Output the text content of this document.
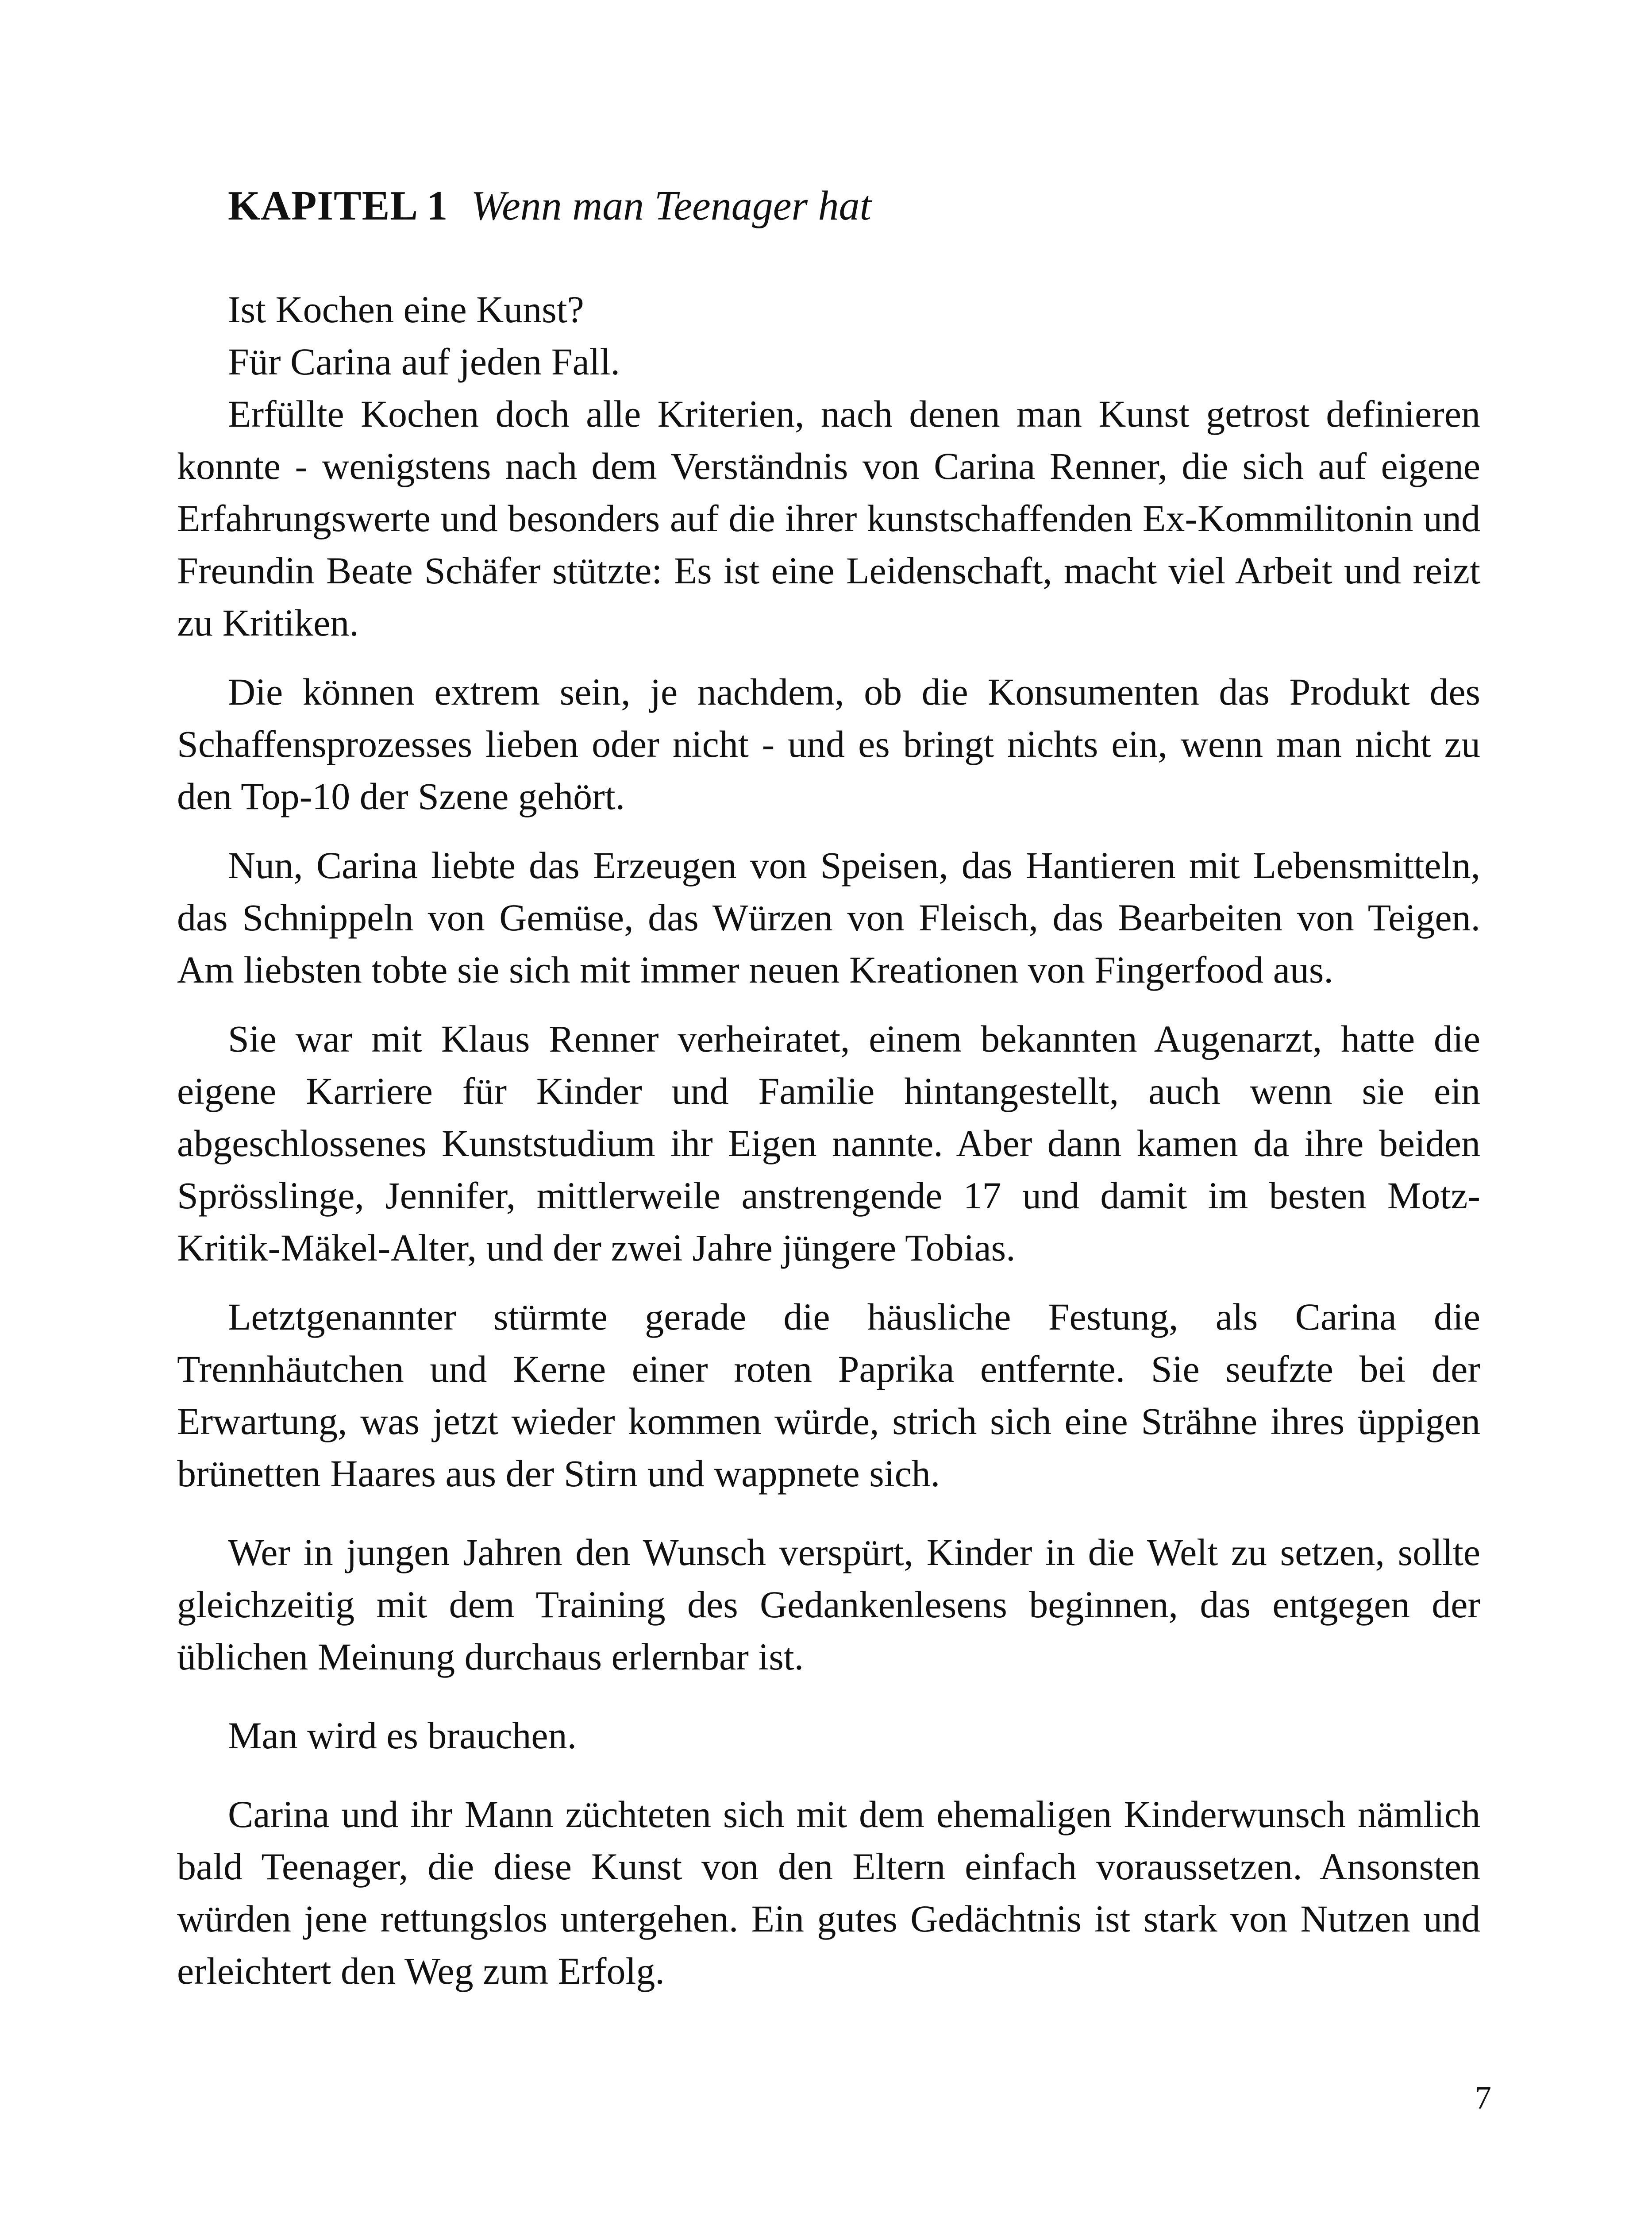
KAPITEL 1 Wenn man Teenager hat

Ist Kochen eine Kunst?

Für Carina auf jeden Fall.

Erfüllte Kochen doch alle Kriterien, nach denen man Kunst getrost definieren konnte - wenigstens nach dem Verständnis von Carina Renner, die sich auf eigene Erfahrungswerte und besonders auf die ihrer kunstschaffenden Ex-Kommilitonin und Freundin Beate Schäfer stützte: Es ist eine Leidenschaft, macht viel Arbeit und reizt zu Kritiken.

Die können extrem sein, je nachdem, ob die Konsumenten das Produkt des Schaffensprozesses lieben oder nicht - und es bringt nichts ein, wenn man nicht zu den Top-10 der Szene gehört.

Nun, Carina liebte das Erzeugen von Speisen, das Hantieren mit Lebensmitteln, das Schnippeln von Gemüse, das Würzen von Fleisch, das Bearbeiten von Teigen. Am liebsten tobte sie sich mit immer neuen Kreationen von Fingerfood aus.

Sie war mit Klaus Renner verheiratet, einem bekannten Augenarzt, hatte die eigene Karriere für Kinder und Familie hintangestellt, auch wenn sie ein abgeschlossenes Kunststudium ihr Eigen nannte. Aber dann kamen da ihre beiden Sprösslinge, Jennifer, mittlerweile anstrengende 17 und damit im besten Motz-Kritik-Mäkel-Alter, und der zwei Jahre jüngere Tobias.

Letztgenannter stürmte gerade die häusliche Festung, als Carina die Trennhäutchen und Kerne einer roten Paprika entfernte. Sie seufzte bei der Erwartung, was jetzt wieder kommen würde, strich sich eine Strähne ihres üppigen brünetten Haares aus der Stirn und wappnete sich.

Wer in jungen Jahren den Wunsch verspürt, Kinder in die Welt zu setzen, sollte gleichzeitig mit dem Training des Gedankenlesens beginnen, das entgegen der üblichen Meinung durchaus erlernbar ist.

Man wird es brauchen.

Carina und ihr Mann züchteten sich mit dem ehemaligen Kinderwunsch nämlich bald Teenager, die diese Kunst von den Eltern einfach voraussetzen. Ansonsten würden jene rettungslos untergehen. Ein gutes Gedächtnis ist stark von Nutzen und erleichtert den Weg zum Erfolg.

7
